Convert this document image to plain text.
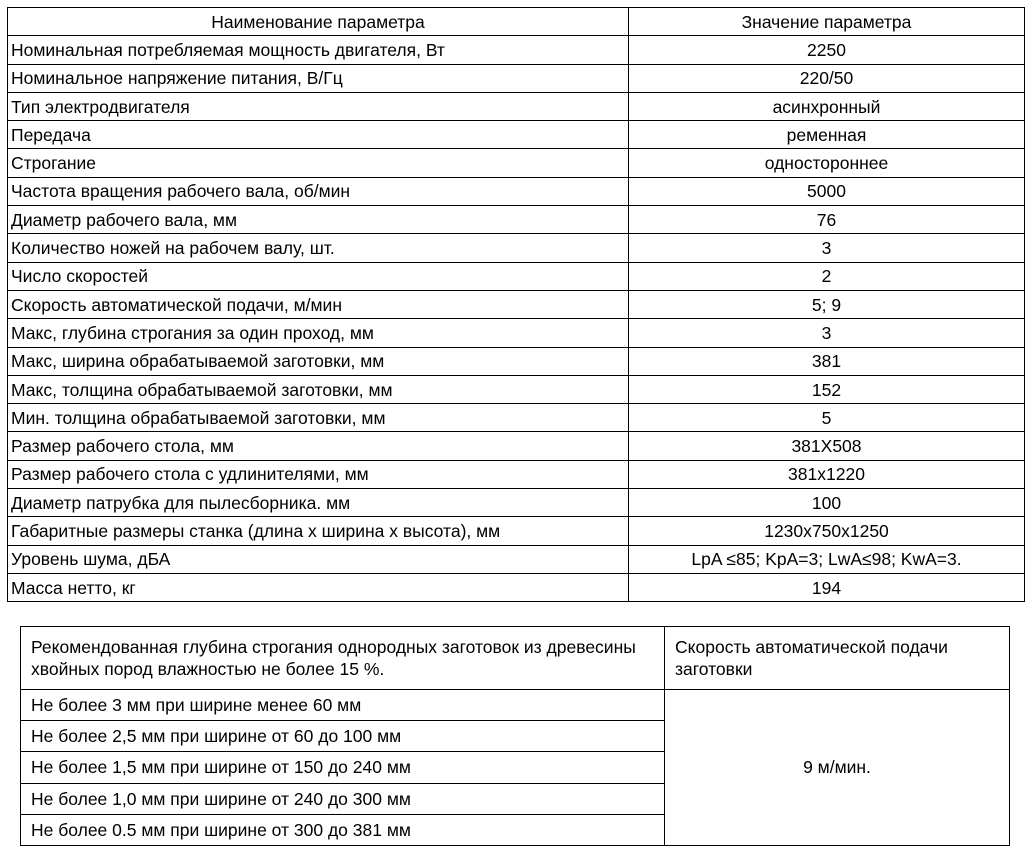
Наименование параметра	Значение параметра
Номинальная потребляемая мощность двигателя, Вт	2250
Номинальное напряжение питания, В/Гц	220/50
Тип электродвигателя	асинхронный
Передача	ременная
Строгание	одностороннее
Частота вращения рабочего вала, об/мин	5000
Диаметр рабочего вала, мм	76
Количество ножей на рабочем валу, шт.	3
Число скоростей	2
Скорость автоматической подачи, м/мин	5; 9
Макс, глубина строгания за один проход, мм	3
Макс, ширина обрабатываемой заготовки, мм	381
Макс, толщина обрабатываемой заготовки, мм	152
Мин. толщина обрабатываемой заготовки, мм	5
Размер рабочего стола, мм	381X508
Размер рабочего стола с удлинителями, мм	381x1220
Диаметр патрубка для пылесборника. мм	100
Габаритные размеры станка (длина х ширина х высота), мм	1230x750x1250
Уровень шума, дБА	LpA ≤85; KpA=3; LwA≤98; KwA=3.
Масса нетто, кг	194
Рекомендованная глубина строгания однородных заготовок из древесины хвойных пород влажностью не более 15 %.	Скорость автоматической подачи заготовки
Не более 3 мм при ширине менее 60 мм	9 м/мин.
Не более 2,5 мм при ширине от 60 до 100 мм	
Не более 1,5 мм при ширине от 150 до 240 мм	
Не более 1,0 мм при ширине от 240 до 300 мм	
Не более 0.5 мм при ширине от 300 до 381 мм	
